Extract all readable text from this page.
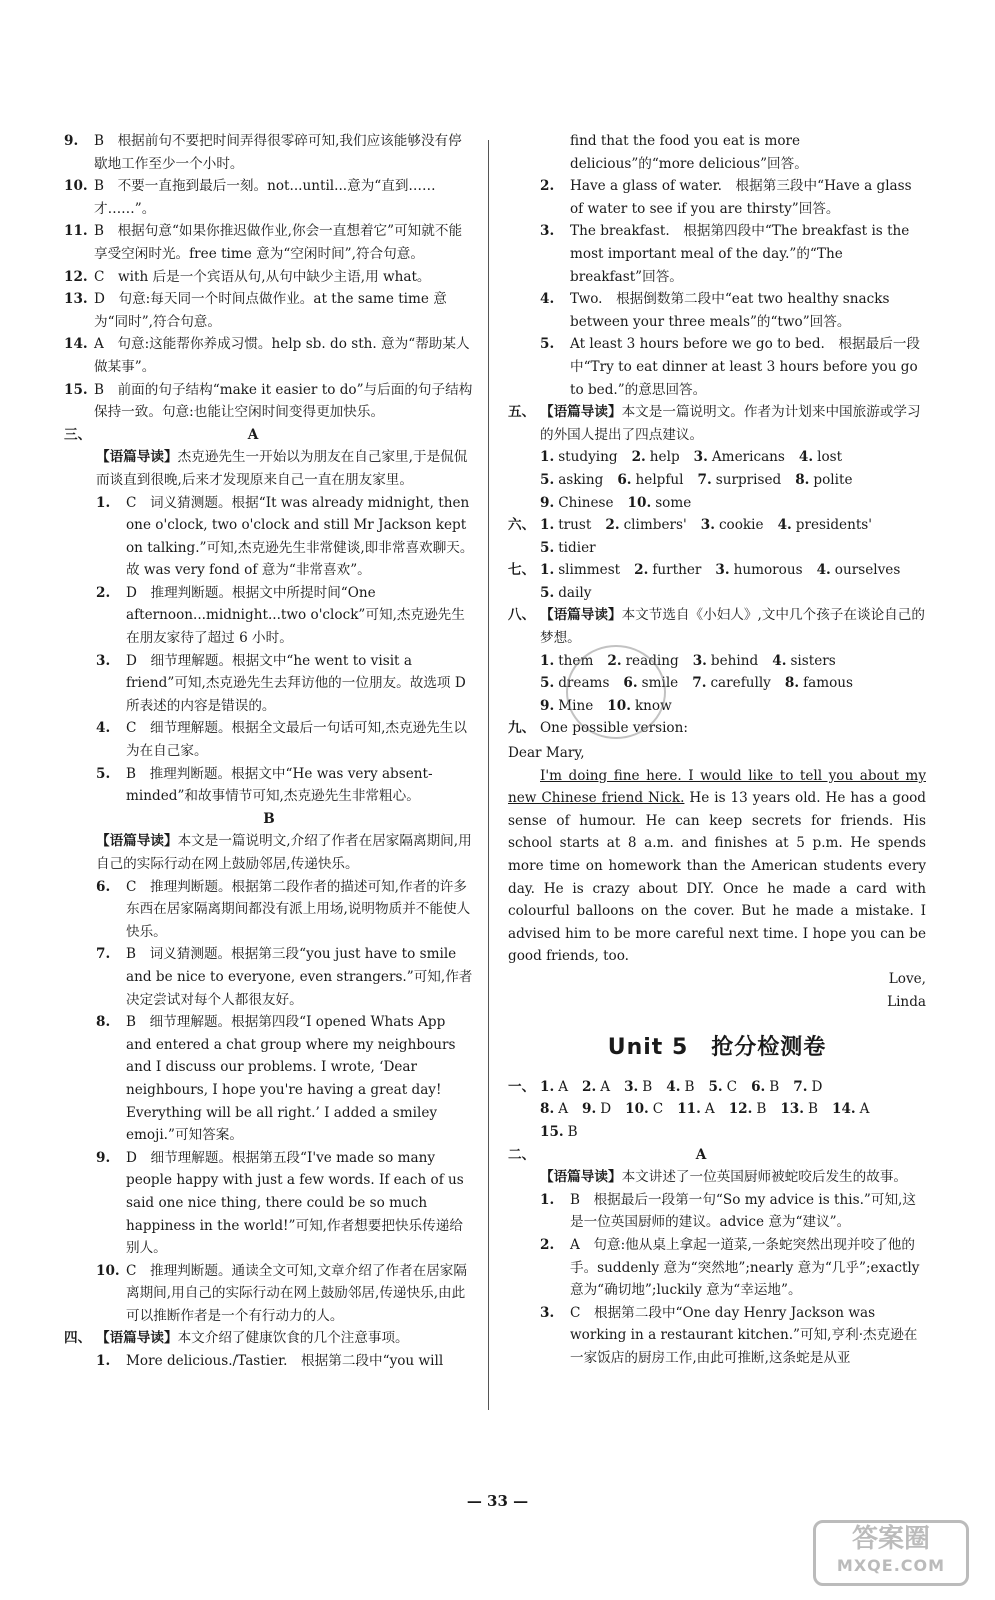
9. B　根据前句不要把时间弄得很零碎可知,我们应该能够没有停歇地工作至少一个小时。

10. B　不要一直拖到最后一刻。not...until...意为“直到……才……”。

11. B　根据句意“如果你推迟做作业,你会一直想着它”可知就不能享受空闲时光。free time 意为“空闲时间”,符合句意。

12. C　with 后是一个宾语从句,从句中缺少主语,用 what。

13. D　句意:每天同一个时间点做作业。at the same time 意为“同时”,符合句意。

14. A　句意:这能帮你养成习惯。help sb. do sth. 意为“帮助某人做某事”。

15. B　前面的句子结构“make it easier to do”与后面的句子结构保持一致。句意:也能让空闲时间变得更加快乐。

三、	A

【语篇导读】杰克逊先生一开始以为朋友在自己家里,于是侃侃而谈直到很晚,后来才发现原来自己一直在朋友家里。

1. C　词义猜测题。根据“It was already midnight, then one o'clock, two o'clock and still Mr Jackson kept on talking.”可知,杰克逊先生非常健谈,即非常喜欢聊天。故 was very fond of 意为“非常喜欢”。

2. D　推理判断题。根据文中所提时间“One afternoon...midnight...two o'clock”可知,杰克逊先生在朋友家待了超过 6 小时。

3. D　细节理解题。根据文中“he went to visit a friend”可知,杰克逊先生去拜访他的一位朋友。故选项 D 所表述的内容是错误的。

4. C　细节理解题。根据全文最后一句话可知,杰克逊先生以为在自己家。

5. B　推理判断题。根据文中“He was very absent-minded”和故事情节可知,杰克逊先生非常粗心。

B

【语篇导读】本文是一篇说明文,介绍了作者在居家隔离期间,用自己的实际行动在网上鼓励邻居,传递快乐。

6. C　推理判断题。根据第二段作者的描述可知,作者的许多东西在居家隔离期间都没有派上用场,说明物质并不能使人快乐。

7. B　词义猜测题。根据第三段“you just have to smile and be nice to everyone, even strangers.”可知,作者决定尝试对每个人都很友好。

8. B　细节理解题。根据第四段“I opened Whats App and entered a chat group where my neighbours and I discuss our problems. I wrote, ‘Dear neighbours, I hope you're having a great day! Everything will be all right.’ I added a smiley emoji.”可知答案。

9. D　细节理解题。根据第五段“I've made so many people happy with just a few words. If each of us said one nice thing, there could be so much happiness in the world!”可知,作者想要把快乐传递给别人。

10. C　推理判断题。通读全文可知,文章介绍了作者在居家隔离期间,用自己的实际行动在网上鼓励邻居,传递快乐,由此可以推断作者是一个有行动力的人。

四、 【语篇导读】本文介绍了健康饮食的几个注意事项。

1. More delicious./Tastier.　根据第二段中“you will

find that the food you eat is more delicious”的“more delicious”回答。

2. Have a glass of water.　根据第三段中“Have a glass of water to see if you are thirsty”回答。

3. The breakfast.　根据第四段中“The breakfast is the most important meal of the day.”的“The breakfast”回答。

4. Two.　根据倒数第二段中“eat two healthy snacks between your three meals”的“two”回答。

5. At least 3 hours before we go to bed.　根据最后一段中“Try to eat dinner at least 3 hours before you go to bed.”的意思回答。

五、 【语篇导读】本文是一篇说明文。作者为计划来中国旅游或学习的外国人提出了四点建议。

1. studying 2. help 3. Americans 4. lost
5. asking 6. helpful 7. surprised 8. polite
9. Chinese 10. some
六、 1. trust 2. climbers' 3. cookie 4. presidents'
5. tidier
七、 1. slimmest 2. further 3. humorous 4. ourselves
5. daily

八、 【语篇导读】本文节选自《小妇人》,文中几个孩子在谈论自己的梦想。

1. them 2. reading 3. behind 4. sisters
5. dreams 6. smile 7. carefully 8. famous
9. Mine 10. know

九、 One possible version:

Dear Mary,

I'm doing fine here. I would like to tell you about my new Chinese friend Nick. He is 13 years old. He has a good sense of humour. He can keep secrets for friends. His school starts at 8 a.m. and finishes at 5 p.m. He spends more time on homework than the American students every day. He is crazy about DIY. Once he made a card with colourful balloons on the cover. But he made a mistake. I advised him to be more careful next time. I hope you can be good friends, too.

Love,

Linda

Unit 5　抢分检测卷
一、 1. A 2. A 3. B 4. B 5. C 6. B 7. D
8. A 9. D 10. C 11. A 12. B 13. B 14. A
15. B

二、	A

【语篇导读】本文讲述了一位英国厨师被蛇咬后发生的故事。

1. B　根据最后一段第一句“So my advice is this.”可知,这是一位英国厨师的建议。advice 意为“建议”。

2. A　句意:他从桌上拿起一道菜,一条蛇突然出现并咬了他的手。suddenly 意为“突然地”;nearly 意为“几乎”;exactly 意为“确切地”;luckily 意为“幸运地”。

3. C　根据第二段中“One day Henry Jackson was working in a restaurant kitchen.”可知,亨利·杰克逊在一家饭店的厨房工作,由此可推断,这条蛇是从亚

— 33 —
答案圈
MXQE.COM
